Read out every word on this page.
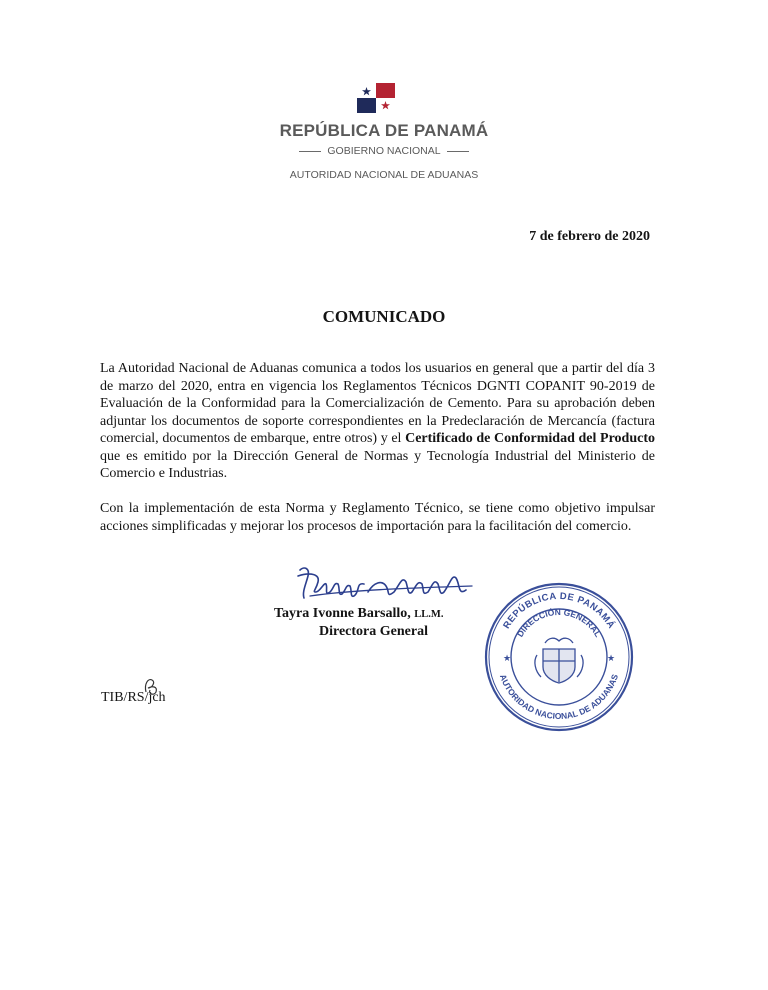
REPÚBLICA DE PANAMÁ
GOBIERNO NACIONAL
AUTORIDAD NACIONAL DE ADUANAS
7 de febrero de 2020
COMUNICADO
La Autoridad Nacional de Aduanas comunica a todos los usuarios en general que a partir del día 3 de marzo del 2020, entra en vigencia los Reglamentos Técnicos DGNTI COPANIT 90-2019 de Evaluación de la Conformidad para la Comercialización de Cemento. Para su aprobación deben adjuntar los documentos de soporte correspondientes en la Predeclaración de Mercancía (factura comercial, documentos de embarque, entre otros) y el Certificado de Conformidad del Producto que es emitido por la Dirección General de Normas y Tecnología Industrial del Ministerio de Comercio e Industrias.
Con la implementación de esta Norma y Reglamento Técnico, se tiene como objetivo impulsar acciones simplificadas y mejorar los procesos de importación para la facilitación del comercio.
Tayra Ivonne Barsallo, LL.M.
Directora General
TIB/RS/jch
REPÚBLICA DE PANAMÁ
DIRECCIÓN GENERAL
AUTORIDAD NACIONAL DE ADUANAS
★	★
